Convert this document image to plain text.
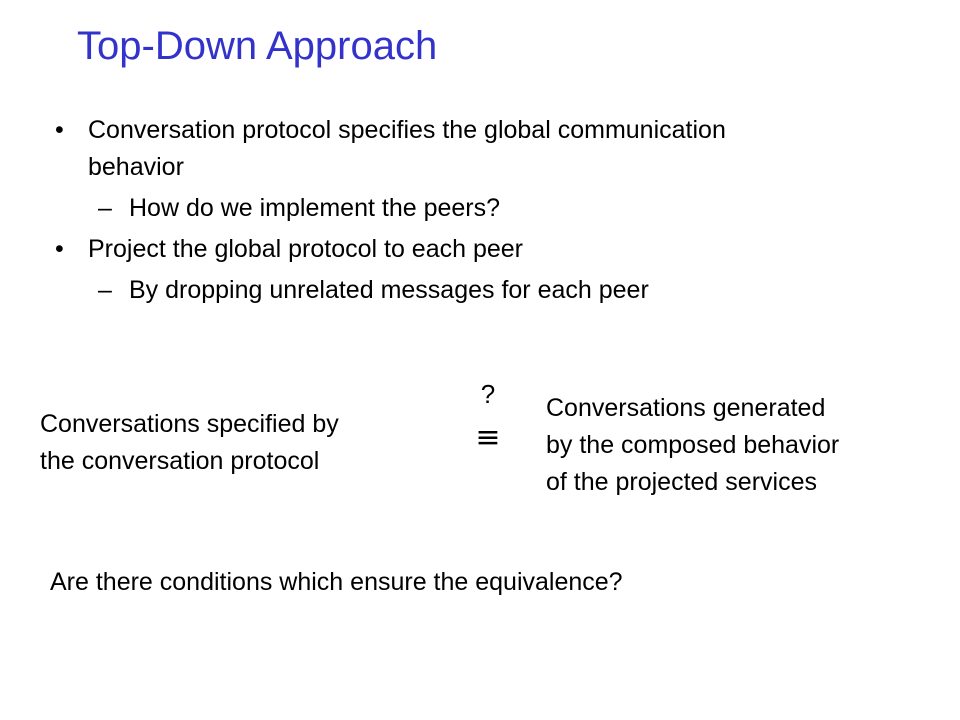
Top-Down Approach
• Conversation protocol specifies the global communication
behavior
– How do we implement the peers?
• Project the global protocol to each peer
– By dropping unrelated messages for each peer
Conversations specified by
the conversation protocol
?
≡
Conversations generated
by the composed behavior
of the projected services
Are there conditions which ensure the equivalence?
